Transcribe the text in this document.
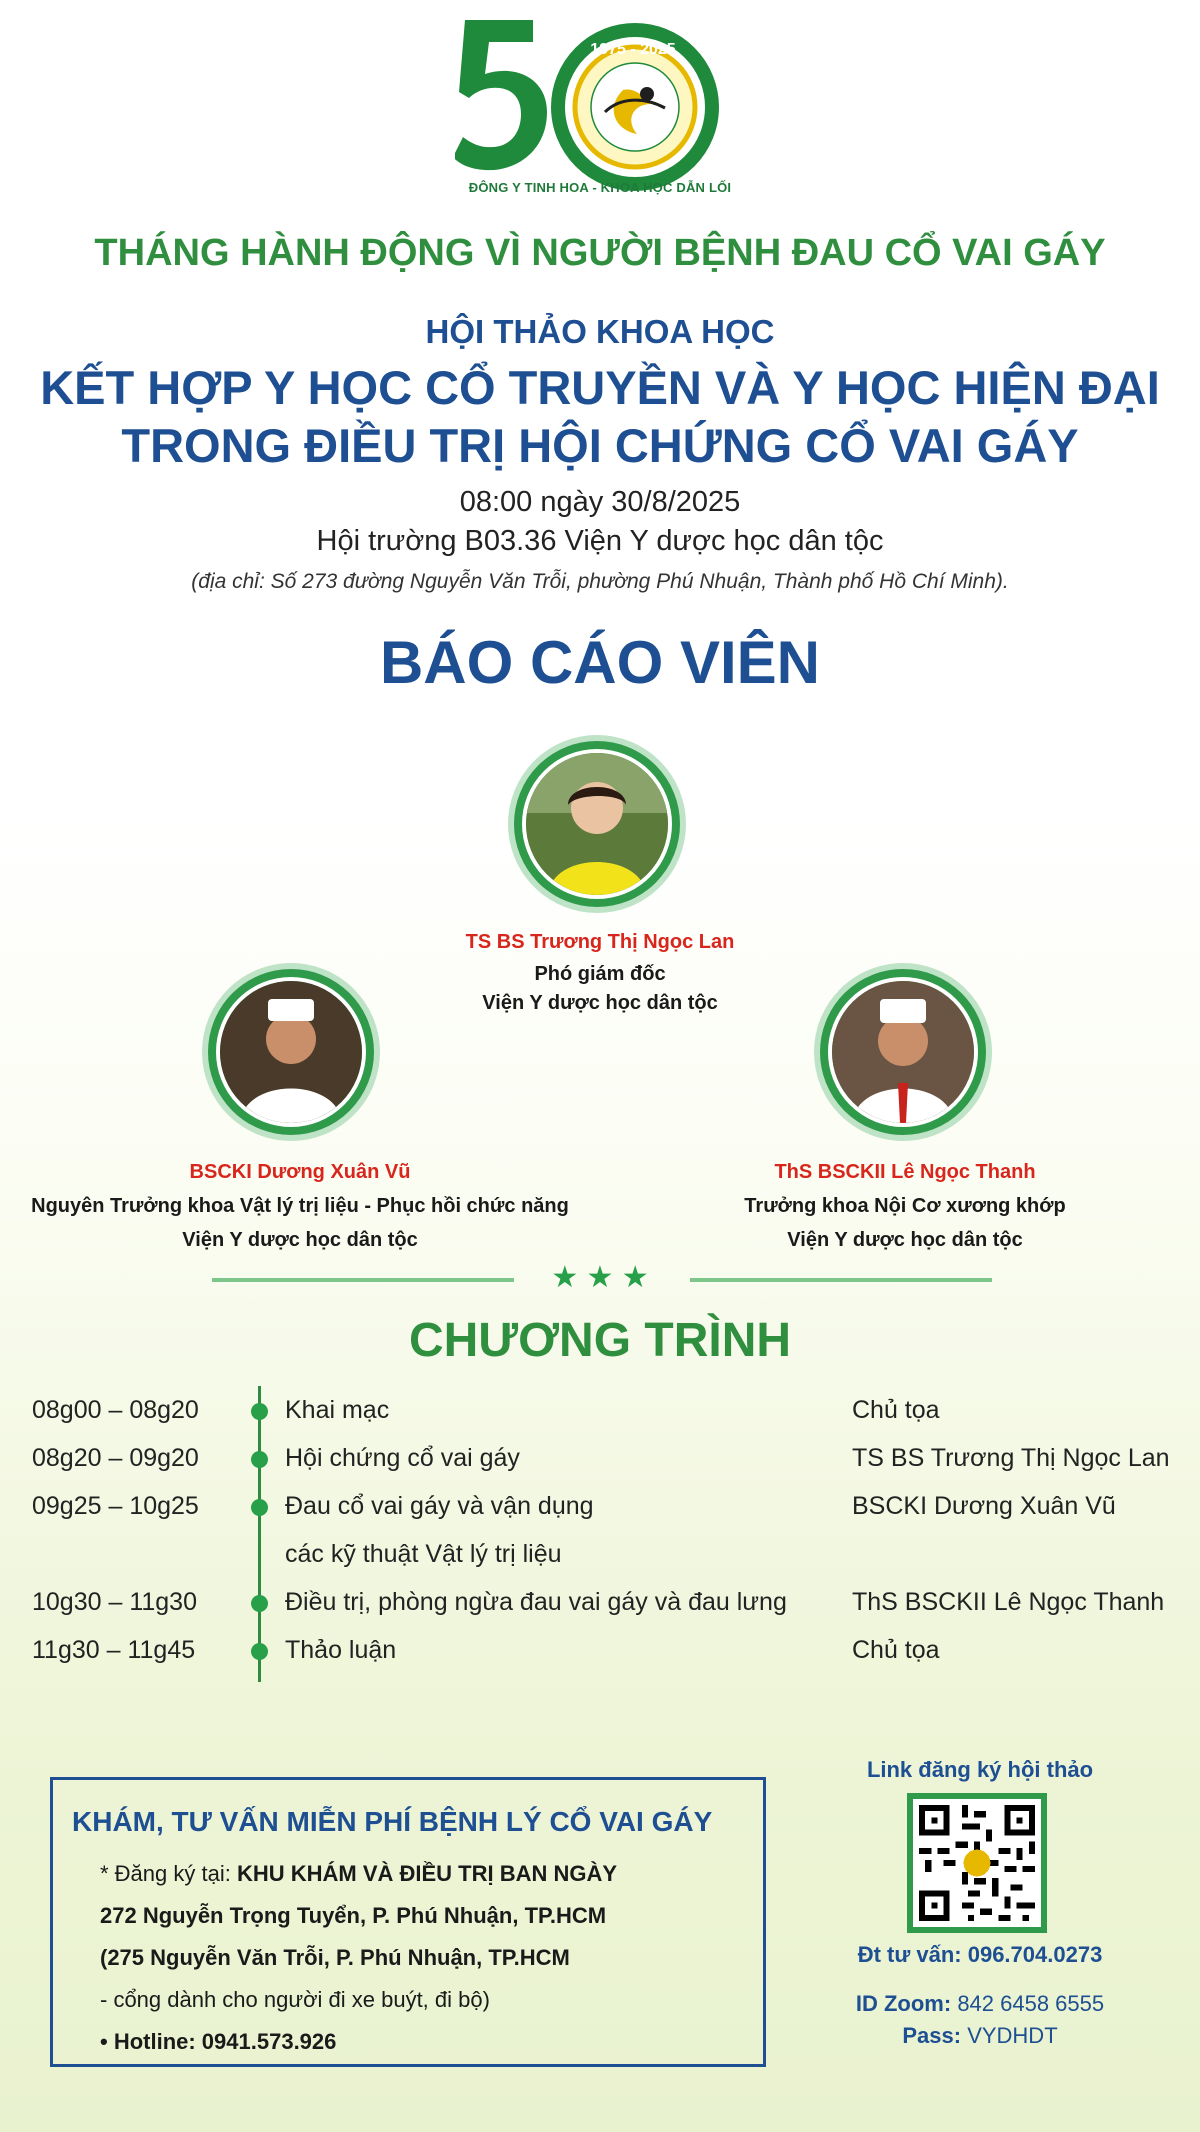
1975 - 2025
ĐÔNG Y TINH HOA - KHOA HỌC DẪN LỐI
THÁNG HÀNH ĐỘNG VÌ NGƯỜI BỆNH ĐAU CỔ VAI GÁY
HỘI THẢO KHOA HỌC
KẾT HỢP Y HỌC CỔ TRUYỀN VÀ Y HỌC HIỆN ĐẠI
TRONG ĐIỀU TRỊ HỘI CHỨNG CỔ VAI GÁY
08:00 ngày 30/8/2025
Hội trường B03.36 Viện Y dược học dân tộc
(địa chỉ: Số 273 đường Nguyễn Văn Trỗi, phường Phú Nhuận, Thành phố Hồ Chí Minh).
BÁO CÁO VIÊN
TS BS Trương Thị Ngọc Lan
Phó giám đốc
Viện Y dược học dân tộc
BSCKI Dương Xuân Vũ
Nguyên Trưởng khoa Vật lý trị liệu - Phục hồi chức năng
Viện Y dược học dân tộc
ThS BSCKII Lê Ngọc Thanh
Trưởng khoa Nội Cơ xương khớp
Viện Y dược học dân tộc
★ ★ ★
CHƯƠNG TRÌNH
08g00 – 08g20	Khai mạc	Chủ tọa
08g20 – 09g20	Hội chứng cổ vai gáy	TS BS Trương Thị Ngọc Lan
09g25 – 10g25	Đau cổ vai gáy và vận dụng	BSCKI Dương Xuân Vũ
các kỹ thuật Vật lý trị liệu
10g30 – 11g30	Điều trị, phòng ngừa đau vai gáy và đau lưng	ThS BSCKII Lê Ngọc Thanh
11g30 – 11g45	Thảo luận	Chủ tọa
KHÁM, TƯ VẤN MIỄN PHÍ BỆNH LÝ CỔ VAI GÁY
* Đăng ký tại: KHU KHÁM VÀ ĐIỀU TRỊ BAN NGÀY
272 Nguyễn Trọng Tuyển, P. Phú Nhuận, TP.HCM
(275 Nguyễn Văn Trỗi, P. Phú Nhuận, TP.HCM
- cổng dành cho người đi xe buýt, đi bộ)
• Hotline: 0941.573.926
Link đăng ký hội thảo
Đt tư vấn: 096.704.0273
ID Zoom: 842 6458 6555
Pass: VYDHDT
